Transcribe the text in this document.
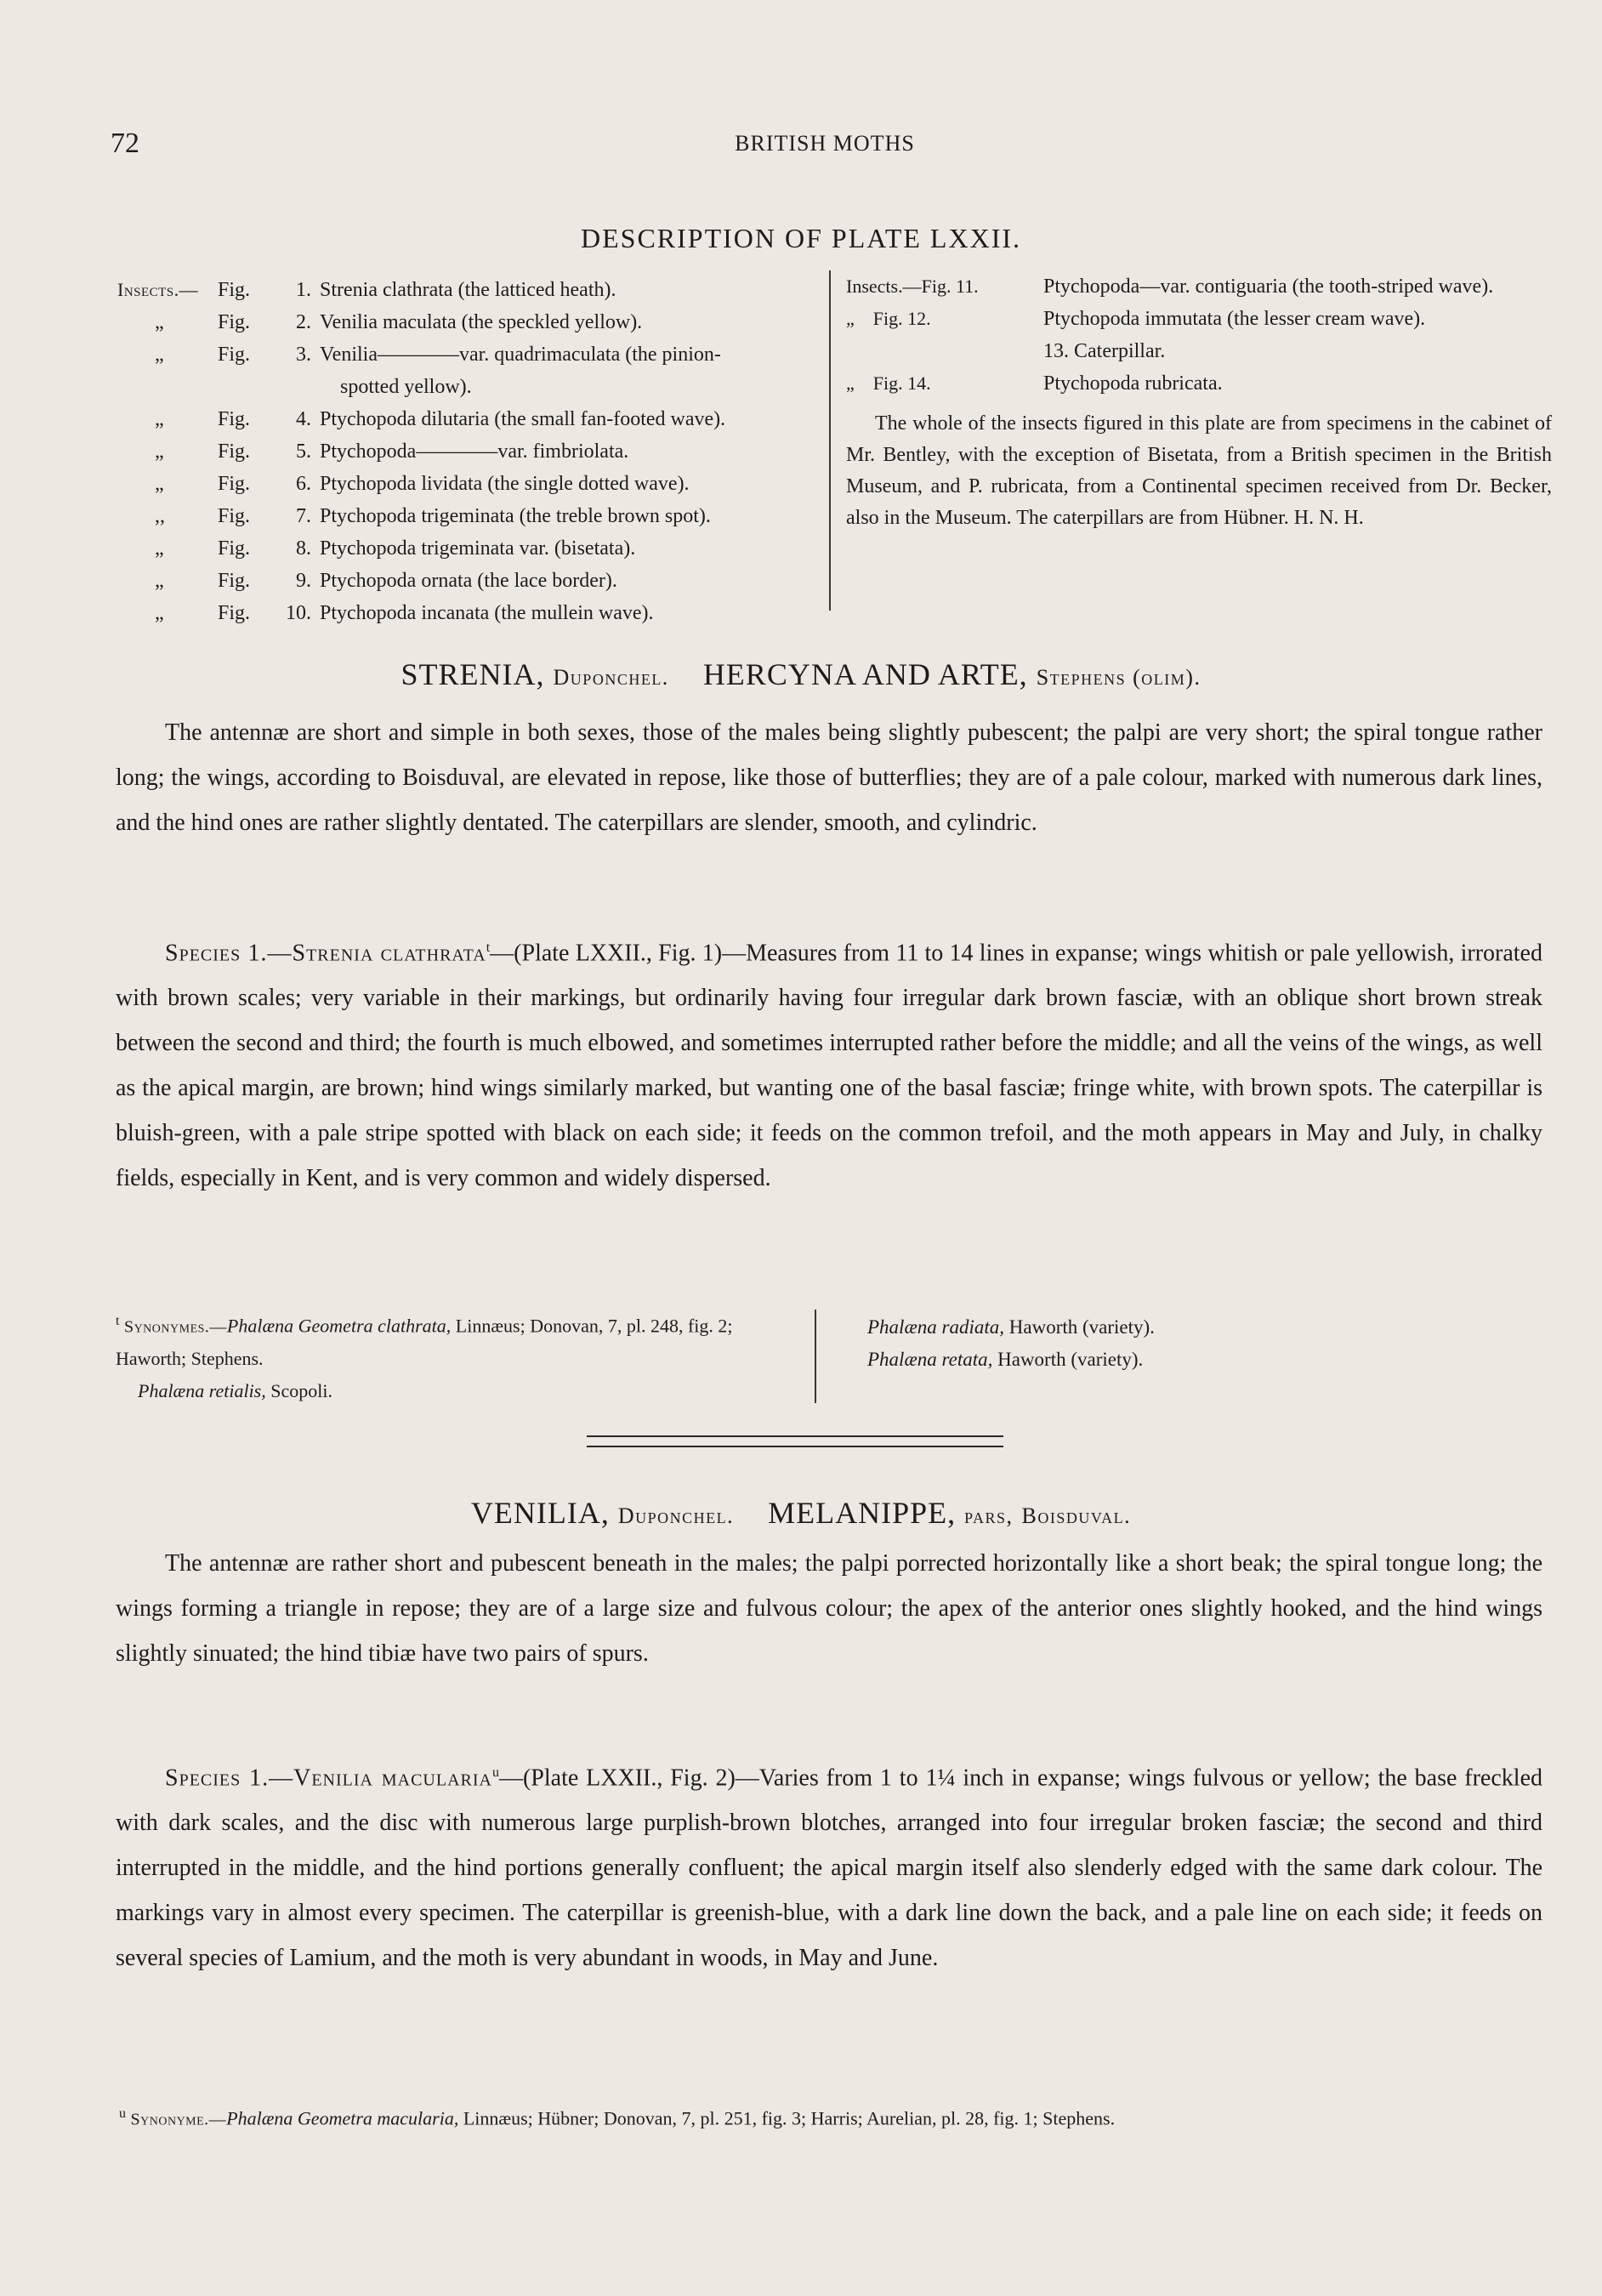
72	BRITISH MOTHS
DESCRIPTION OF PLATE LXXII.
Insects.— Fig.	1. Strenia clathrata (the latticed heath).
„	Fig.	2. Venilia maculata (the speckled yellow).
„	Fig.	3. Venilia————var. quadrimaculata (the pinion-
spotted yellow).
„	Fig.	4. Ptychopoda dilutaria (the small fan-footed wave).
„	Fig.	5. Ptychopoda————var. fimbriolata.
„	Fig.	6. Ptychopoda lividata (the single dotted wave).
,,	Fig.	7. Ptychopoda trigeminata (the treble brown spot).
„	Fig.	8. Ptychopoda trigeminata var. (bisetata).
„	Fig.	9. Ptychopoda ornata (the lace border).
„	Fig.	10. Ptychopoda incanata (the mullein wave).
Insects.—Fig. 11.	Ptychopoda—var. contiguaria (the tooth-striped wave).
„    Fig. 12.	Ptychopoda immutata (the lesser cream wave).
13. Caterpillar.
„    Fig. 14.	Ptychopoda rubricata.

The whole of the insects figured in this plate are from specimens in the cabinet of Mr. Bentley, with the exception of Bisetata, from a British specimen in the British Museum, and P. rubricata, from a Continental specimen received from Dr. Becker, also in the Museum. The caterpillars are from Hübner. H. N. H.

STRENIA, Duponchel. HERCYNA AND ARTE, Stephens (olim).

The antennæ are short and simple in both sexes, those of the males being slightly pubescent; the palpi are very short; the spiral tongue rather long; the wings, according to Boisduval, are elevated in repose, like those of butterflies; they are of a pale colour, marked with numerous dark lines, and the hind ones are rather slightly dentated. The caterpillars are slender, smooth, and cylindric.

Species 1.—Strenia clathrata$^t$—(Plate LXXII., Fig. 1)—Measures from 11 to 14 lines in expanse; wings whitish or pale yellowish, irrorated with brown scales; very variable in their markings, but ordinarily having four irregular dark brown fasciæ, with an oblique short brown streak between the second and third; the fourth is much elbowed, and sometimes interrupted rather before the middle; and all the veins of the wings, as well as the apical margin, are brown; hind wings similarly marked, but wanting one of the basal fasciæ; fringe white, with brown spots. The caterpillar is bluish-green, with a pale stripe spotted with black on each side; it feeds on the common trefoil, and the moth appears in May and July, in chalky fields, especially in Kent, and is very common and widely dispersed.

$^t$ Synonymes.—Phalæna Geometra clathrata, Linnæus; Donovan, 7, pl. 248, fig. 2; Haworth; Stephens.
Phalæna retialis, Scopoli.
Phalæna radiata, Haworth (variety).
Phalæna retata, Haworth (variety).
VENILIA, Duponchel. MELANIPPE, pars, Boisduval.

The antennæ are rather short and pubescent beneath in the males; the palpi porrected horizontally like a short beak; the spiral tongue long; the wings forming a triangle in repose; they are of a large size and fulvous colour; the apex of the anterior ones slightly hooked, and the hind wings slightly sinuated; the hind tibiæ have two pairs of spurs.

Species 1.—Venilia macularia$^u$—(Plate LXXII., Fig. 2)—Varies from 1 to 1¼ inch in expanse; wings fulvous or yellow; the base freckled with dark scales, and the disc with numerous large purplish-brown blotches, arranged into four irregular broken fasciæ; the second and third interrupted in the middle, and the hind portions generally confluent; the apical margin itself also slenderly edged with the same dark colour. The markings vary in almost every specimen. The caterpillar is greenish-blue, with a dark line down the back, and a pale line on each side; it feeds on several species of Lamium, and the moth is very abundant in woods, in May and June.

$^u$ Synonyme.—Phalæna Geometra macularia, Linnæus; Hübner; Donovan, 7, pl. 251, fig. 3; Harris; Aurelian, pl. 28, fig. 1; Stephens.
